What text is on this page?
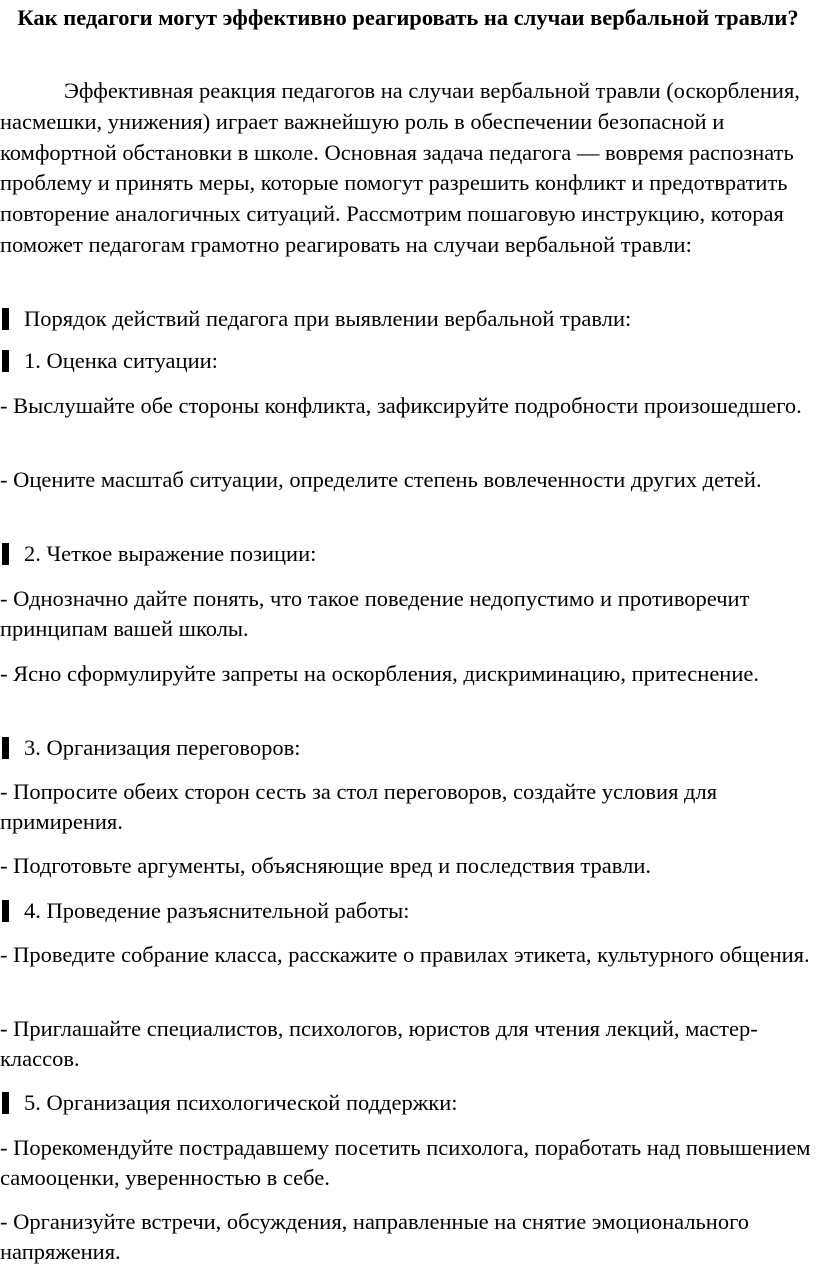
Как педагоги могут эффективно реагировать на случаи вербальной травли?

Эффективная реакция педагогов на случаи вербальной травли (оскорбления, насмешки, унижения) играет важнейшую роль в обеспечении безопасной и комфортной обстановки в школе. Основная задача педагога — вовремя распознать проблему и принять меры, которые помогут разрешить конфликт и предотвратить повторение аналогичных ситуаций. Рассмотрим пошаговую инструкцию, которая поможет педагогам грамотно реагировать на случаи вербальной травли:

Порядок действий педагога при выявлении вербальной травли:
1. Оценка ситуации:

- Выслушайте обе стороны конфликта, зафиксируйте подробности произошедшего.

- Оцените масштаб ситуации, определите степень вовлеченности других детей.

2. Четкое выражение позиции:

- Однозначно дайте понять, что такое поведение недопустимо и противоречит принципам вашей школы.

- Ясно сформулируйте запреты на оскорбления, дискриминацию, притеснение.

3. Организация переговоров:

- Попросите обеих сторон сесть за стол переговоров, создайте условия для примирения.

- Подготовьте аргументы, объясняющие вред и последствия травли.

4. Проведение разъяснительной работы:

- Проведите собрание класса, расскажите о правилах этикета, культурного общения.

- Приглашайте специалистов, психологов, юристов для чтения лекций, мастер-классов.

5. Организация психологической поддержки:

- Порекомендуйте пострадавшему посетить психолога, поработать над повышением самооценки, уверенностью в себе.

- Организуйте встречи, обсуждения, направленные на снятие эмоционального напряжения.
